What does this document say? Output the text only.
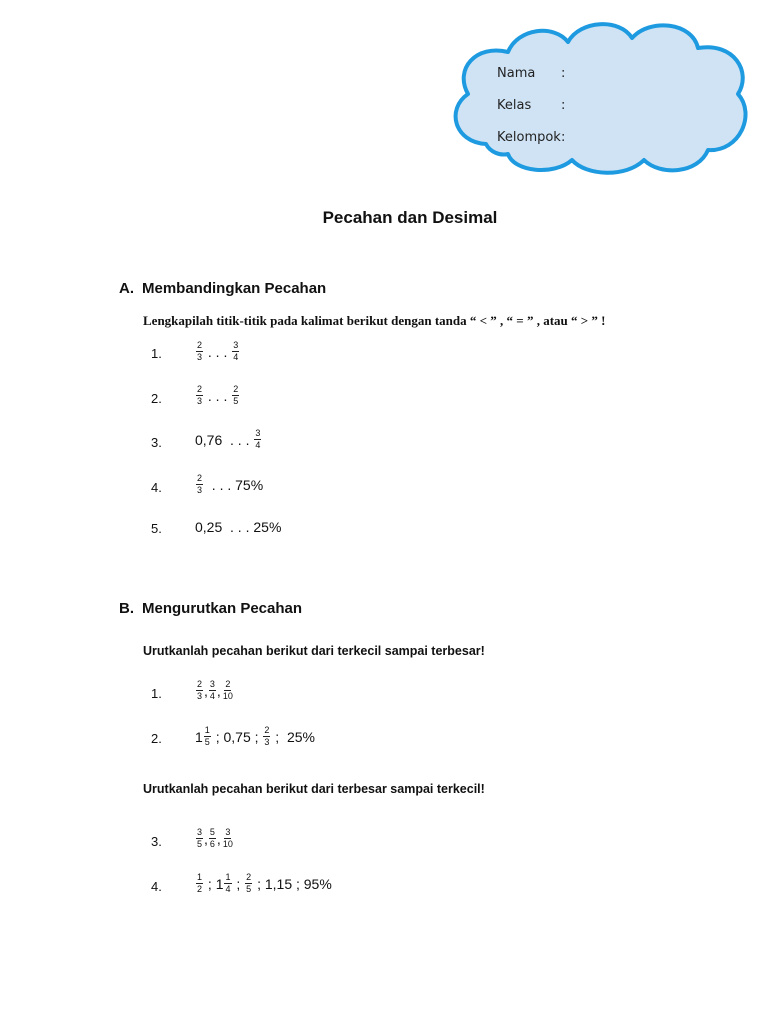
Nama :
Kelas :
Kelompok :
Pecahan dan Desimal
A. Membandingkan Pecahan
Lengkapilah titik-titik pada kalimat berikut dengan tanda “ < ” , “ = ” , atau “ > ” !
1.	$\frac{2}{3}$ . . . $\frac{3}{4}$
2.	$\frac{2}{3}$ . . . $\frac{2}{5}$
3. 0,76 . . . $\frac{3}{4}$
4.	$\frac{2}{3}$ . . . 75%
5. 0,25 . . . 25%
B. Mengurutkan Pecahan
Urutkanlah pecahan berikut dari terkecil sampai terbesar!
1.	$\frac{2}{3}$ , $\frac{3}{4}$ , $\frac{2}{10}$
2. $1 \frac{1}{5}$ ; 0,75 ; $\frac{2}{3}$ ;  25%
Urutkanlah pecahan berikut dari terbesar sampai terkecil!
3.	$\frac{3}{5}$ , $\frac{5}{6}$ , $\frac{3}{10}$
4.	$\frac{1}{2}$ ; $1 \frac{1}{4}$ ; $\frac{2}{5}$ ; 1,15 ; 95%
